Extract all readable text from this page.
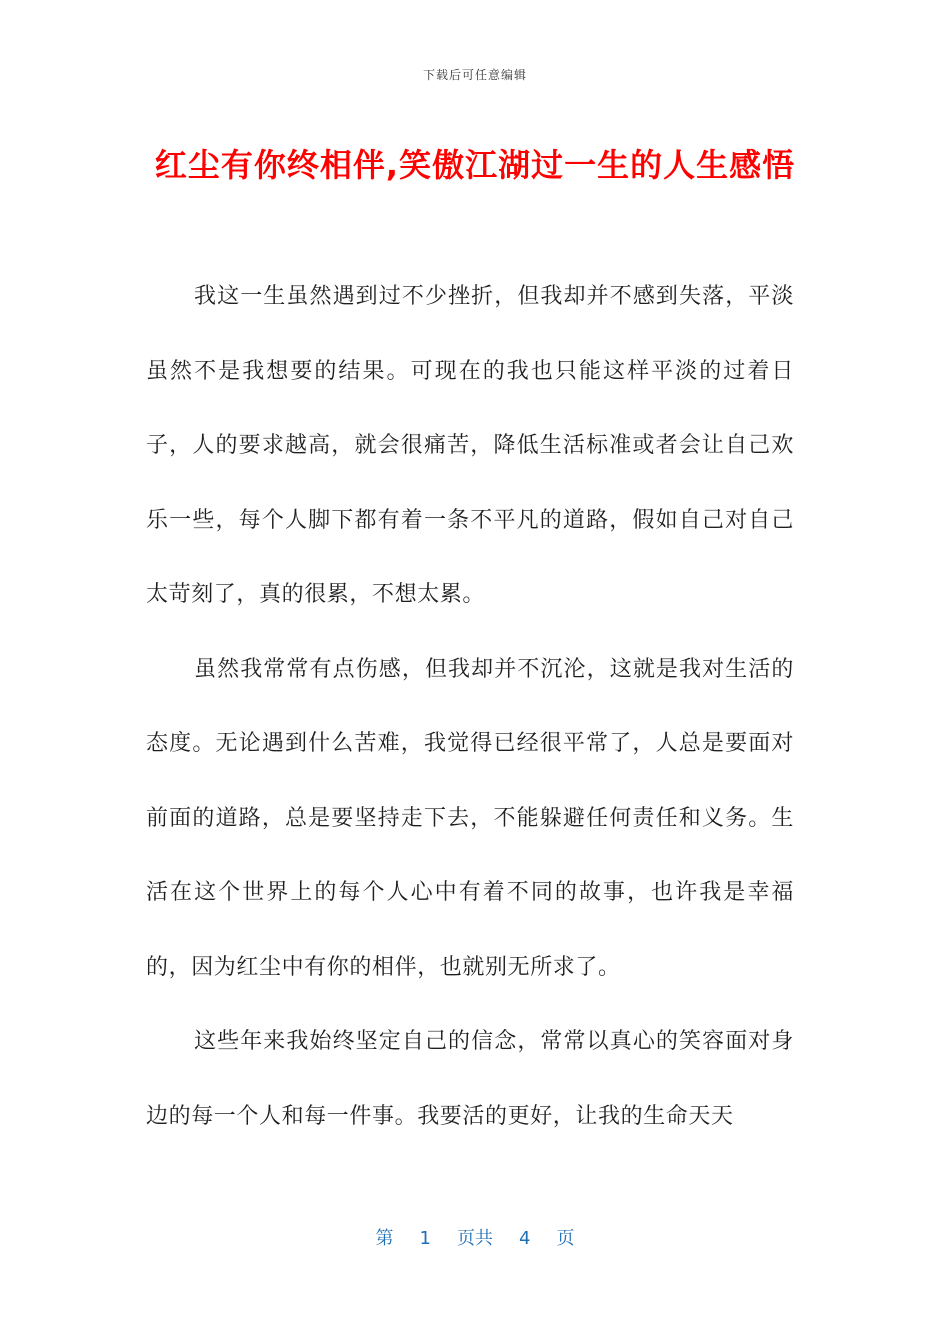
下载后可任意编辑
红尘有你终相伴,笑傲江湖过一生的人生感悟

我这一生虽然遇到过不少挫折，但我却并不感到失落，平淡虽然不是我想要的结果。可现在的我也只能这样平淡的过着日子，人的要求越高，就会很痛苦，降低生活标准或者会让自己欢乐一些，每个人脚下都有着一条不平凡的道路，假如自己对自己太苛刻了，真的很累，不想太累。

虽然我常常有点伤感，但我却并不沉沦，这就是我对生活的态度。无论遇到什么苦难，我觉得已经很平常了，人总是要面对前面的道路，总是要坚持走下去，不能躲避任何责任和义务。生活在这个世界上的每个人心中有着不同的故事，也许我是幸福的，因为红尘中有你的相伴，也就别无所求了。

这些年来我始终坚定自己的信念，常常以真心的笑容面对身边的每一个人和每一件事。我要活的更好，让我的生命天天

第 1 页共 4 页
